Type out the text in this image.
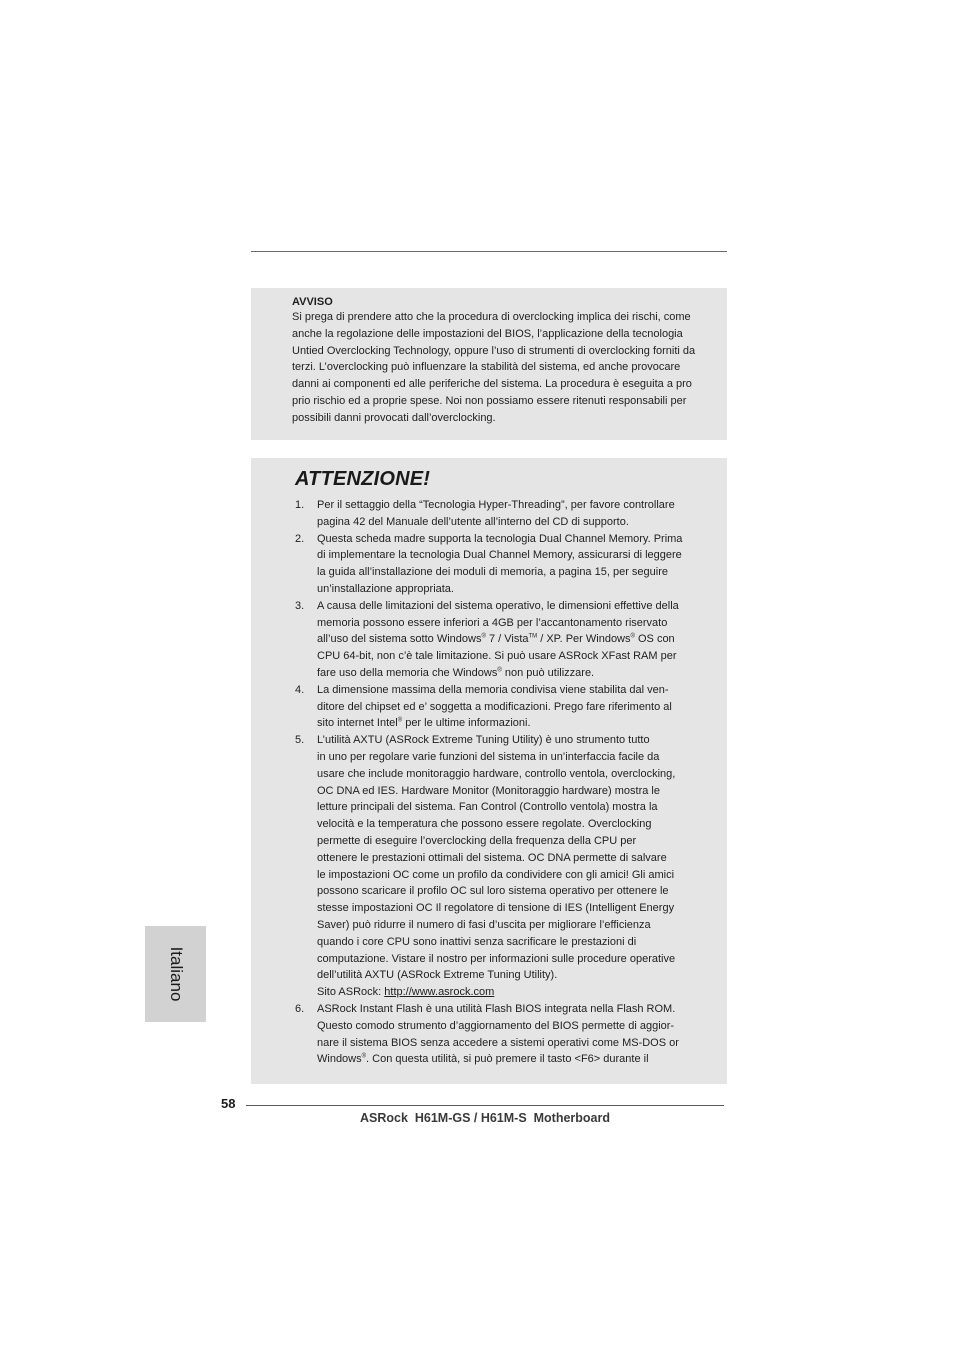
AVVISO

Si prega di prendere atto che la procedura di overclocking implica dei rischi, come

anche la regolazione delle impostazioni del BIOS, l’applicazione della tecnologia

Untied Overclocking Technology, oppure l’uso di strumenti di overclocking forniti da

terzi. L’overclocking può influenzare la stabilità del sistema, ed anche provocare

danni ai componenti ed alle periferiche del sistema. La procedura è eseguita a pro

prio rischio ed a proprie spese. Noi non possiamo essere ritenuti responsabili per

possibili danni provocati dall’overclocking.

ATTENZIONE!
1. Per il settaggio della “Tecnologia Hyper-Threading”, per favore controllare

pagina 42 del Manuale dell’utente all’interno del CD di supporto.

2. Questa scheda madre supporta la tecnologia Dual Channel Memory. Prima

di implementare la tecnologia Dual Channel Memory, assicurarsi di leggere

la guida all’installazione dei moduli di memoria, a pagina 15, per seguire

un’installazione appropriata.

3. A causa delle limitazioni del sistema operativo, le dimensioni effettive della

memoria possono essere inferiori a 4GB per l’accantonamento riservato

all’uso del sistema sotto Windows® 7 / Vista™ / XP. Per Windows® OS con

CPU 64-bit, non c’è tale limitazione. Si può usare ASRock XFast RAM per

fare uso della memoria che Windows® non può utilizzare.

4. La dimensione massima della memoria condivisa viene stabilita dal ven-

ditore del chipset ed e’ soggetta a modificazioni. Prego fare riferimento al

sito internet Intel® per le ultime informazioni.

5. L’utilità AXTU (ASRock Extreme Tuning Utility) è uno strumento tutto

in uno per regolare varie funzioni del sistema in un’interfaccia facile da

usare che include monitoraggio hardware, controllo ventola, overclocking,

OC DNA ed IES. Hardware Monitor (Monitoraggio hardware) mostra le

letture principali del sistema. Fan Control (Controllo ventola) mostra la

velocità e la temperatura che possono essere regolate. Overclocking

permette di eseguire l’overclocking della frequenza della CPU per

ottenere le prestazioni ottimali del sistema. OC DNA permette di salvare

le impostazioni OC come un profilo da condividere con gli amici! Gli amici

possono scaricare il profilo OC sul loro sistema operativo per ottenere le

stesse impostazioni OC Il regolatore di tensione di IES (Intelligent Energy

Saver) può ridurre il numero di fasi d’uscita per migliorare l’efficienza

quando i core CPU sono inattivi senza sacrificare le prestazioni di

computazione. Vistare il nostro per informazioni sulle procedure operative

dell’utilità AXTU (ASRock Extreme Tuning Utility).

Sito ASRock: http://www.asrock.com

6. ASRock Instant Flash è una utilità Flash BIOS integrata nella Flash ROM.

Questo comodo strumento d’aggiornamento del BIOS permette di aggior-

nare il sistema BIOS senza accedere a sistemi operativi come MS-DOS or

Windows®. Con questa utilità, si può premere il tasto <F6> durante il

Italiano
58
ASRock  H61M-GS / H61M-S  Motherboard
